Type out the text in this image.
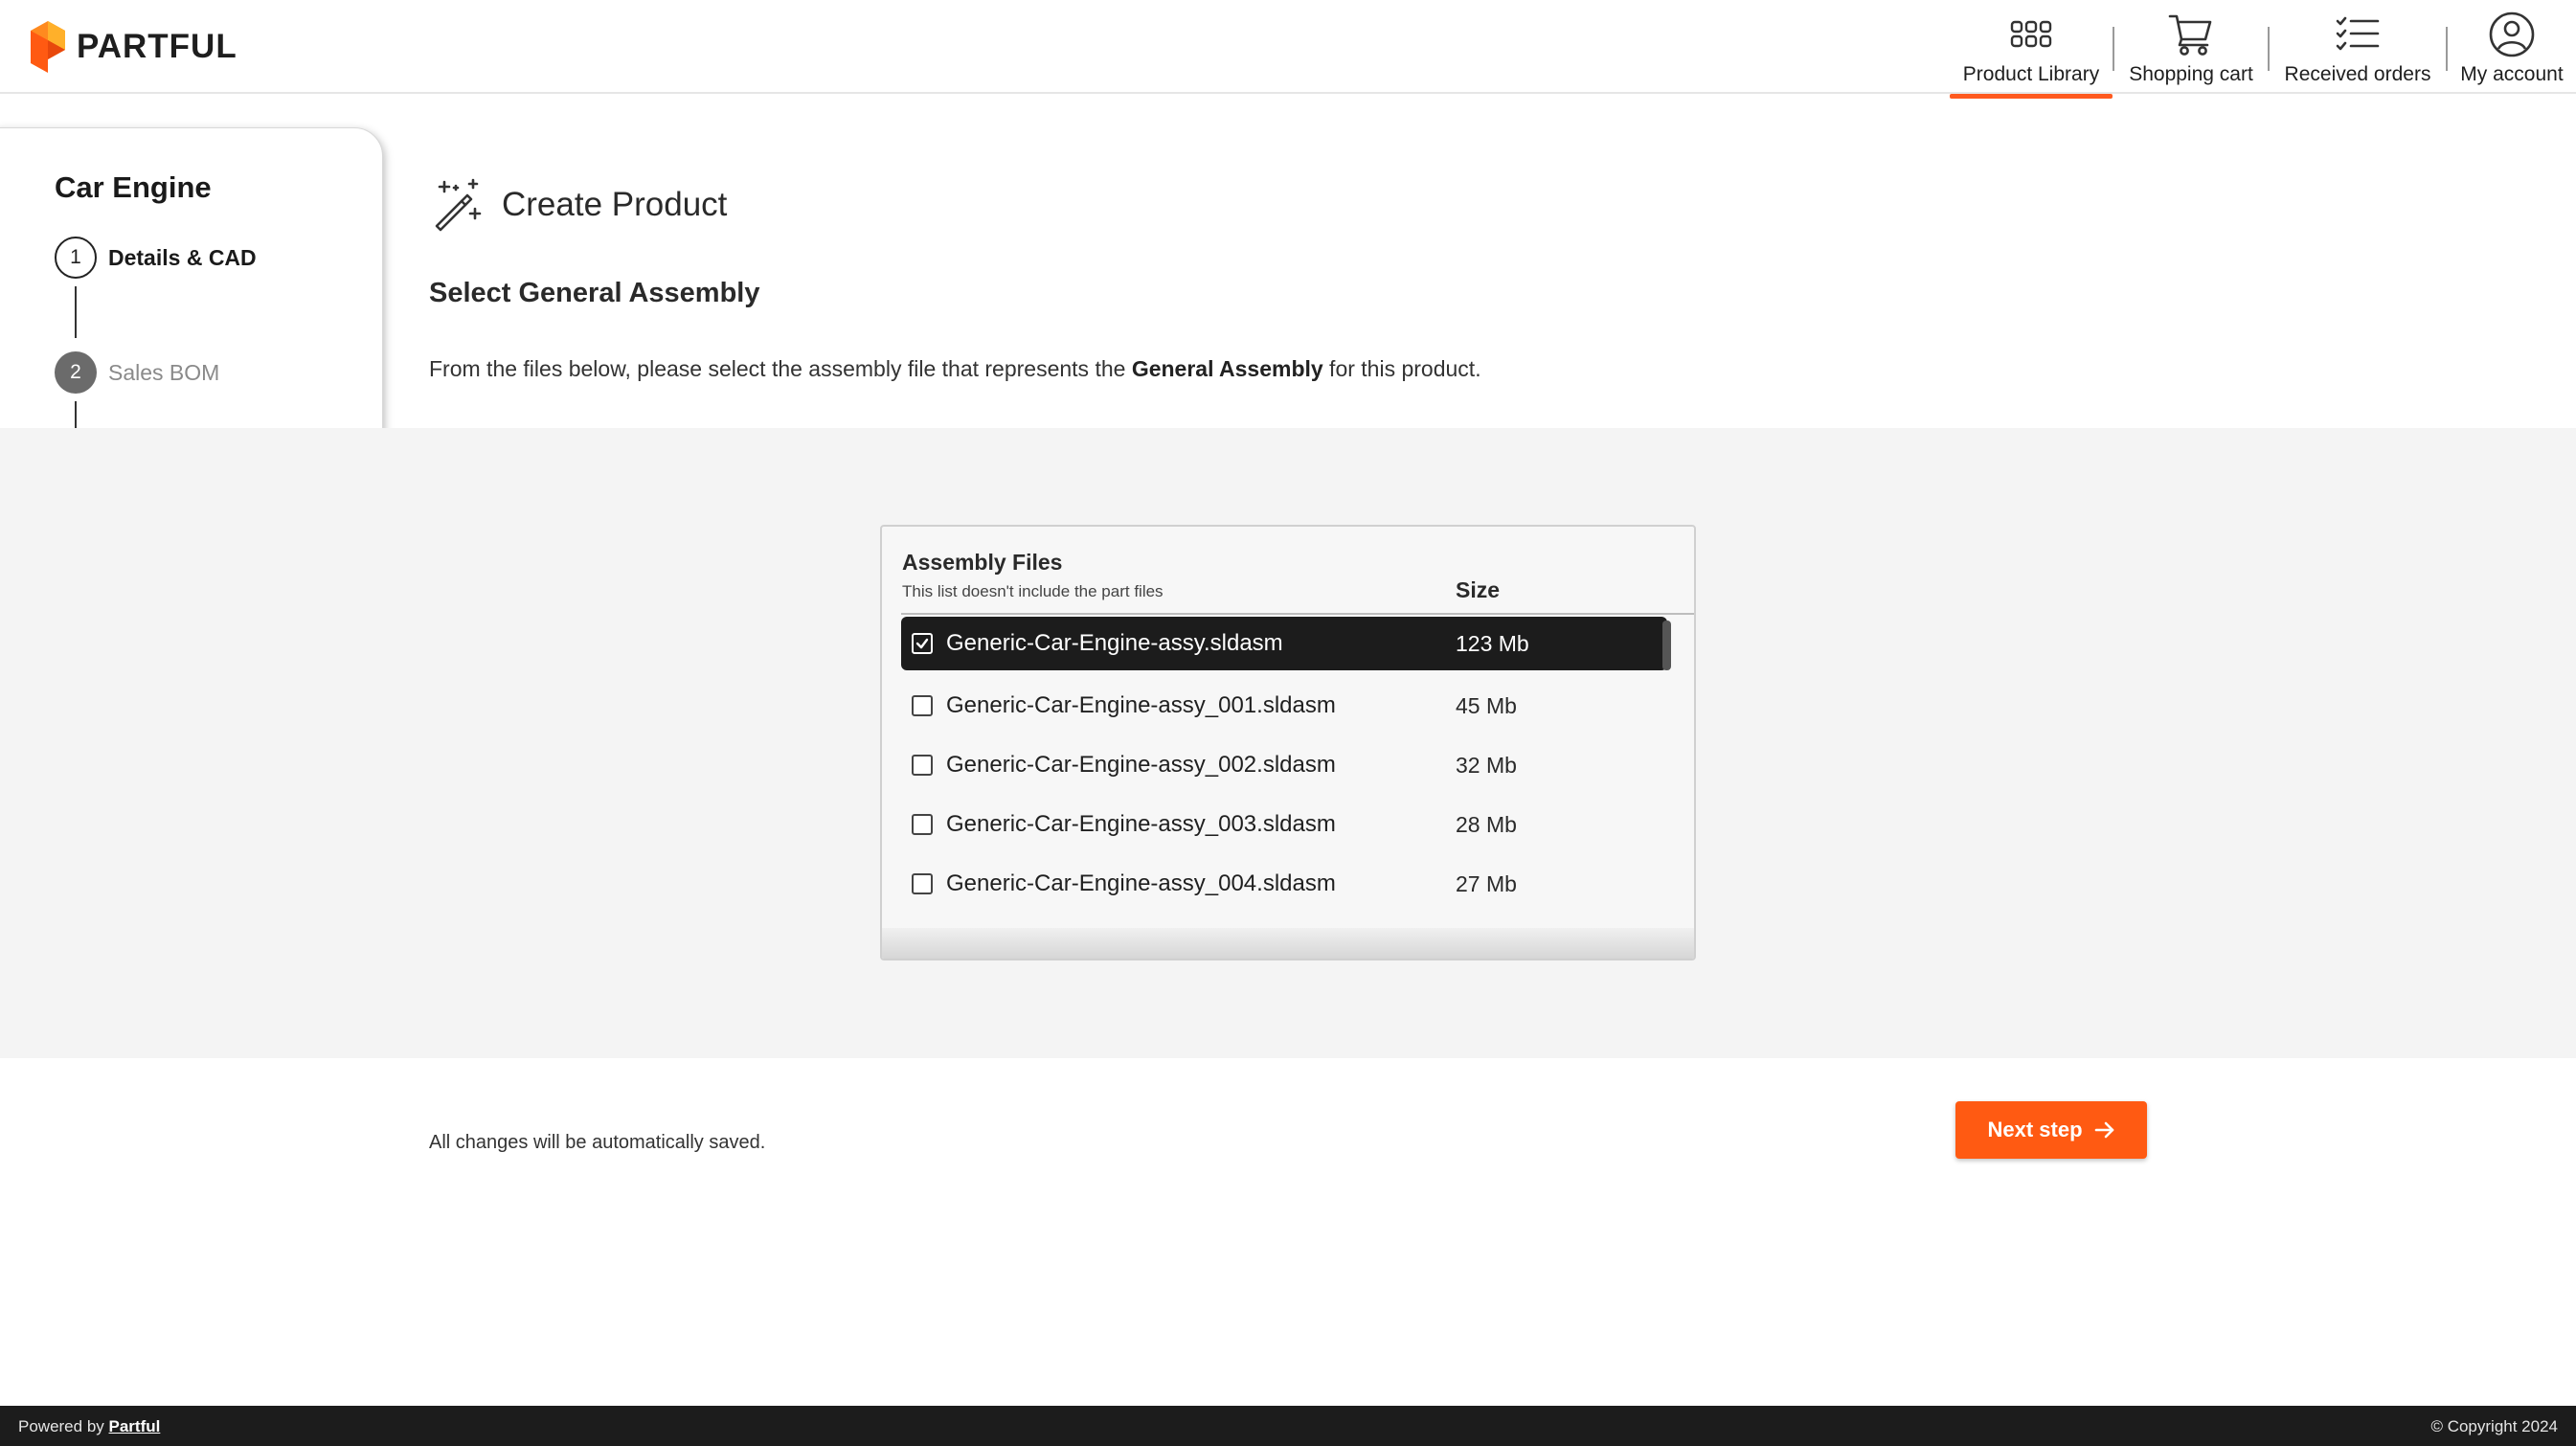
PARTFUL
Product Library Shopping cart Received orders My account
Car Engine
1	Details & CAD
2	Sales BOM
Create Product
Select General Assembly
From the files below, please select the assembly file that represents the General Assembly for this product.
Assembly Files
This list doesn't include the part files	Size
Generic-Car-Engine-assy.sldasm	123 Mb
Generic-Car-Engine-assy_001.sldasm	45 Mb
Generic-Car-Engine-assy_002.sldasm	32 Mb
Generic-Car-Engine-assy_003.sldasm	28 Mb
Generic-Car-Engine-assy_004.sldasm	27 Mb
All changes will be automatically saved.
Next step
Powered by Partful	© Copyright 2024
